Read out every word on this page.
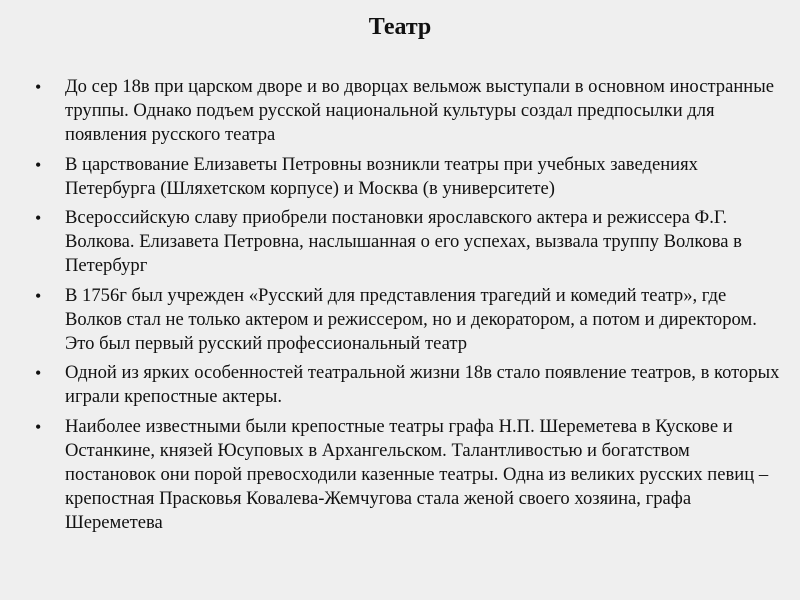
Театр
• До сер 18в при царском дворе и во дворцах вельмож выступали в основном иностранные труппы. Однако подъем русской национальной культуры создал предпосылки для появления русского театра
• В царствование Елизаветы Петровны возникли театры при учебных заведениях Петербурга (Шляхетском корпусе) и Москва (в университете)
• Всероссийскую славу приобрели постановки ярославского актера и режиссера Ф.Г. Волкова. Елизавета Петровна, наслышанная о его успехах, вызвала труппу Волкова в Петербург
• В 1756г был учрежден «Русский для представления трагедий и комедий театр», где Волков стал не только актером и режиссером, но и декоратором, а потом и директором. Это был первый русский профессиональный театр
• Одной из ярких особенностей театральной жизни 18в стало появление театров, в которых играли крепостные актеры.
• Наиболее известными были крепостные театры графа Н.П. Шереметева в Кускове и Останкине, князей Юсуповых в Архангельском. Талантливостью и богатством постановок они порой превосходили казенные театры. Одна из великих русских певиц – крепостная Прасковья Ковалева-Жемчугова стала женой своего хозяина, графа Шереметева
